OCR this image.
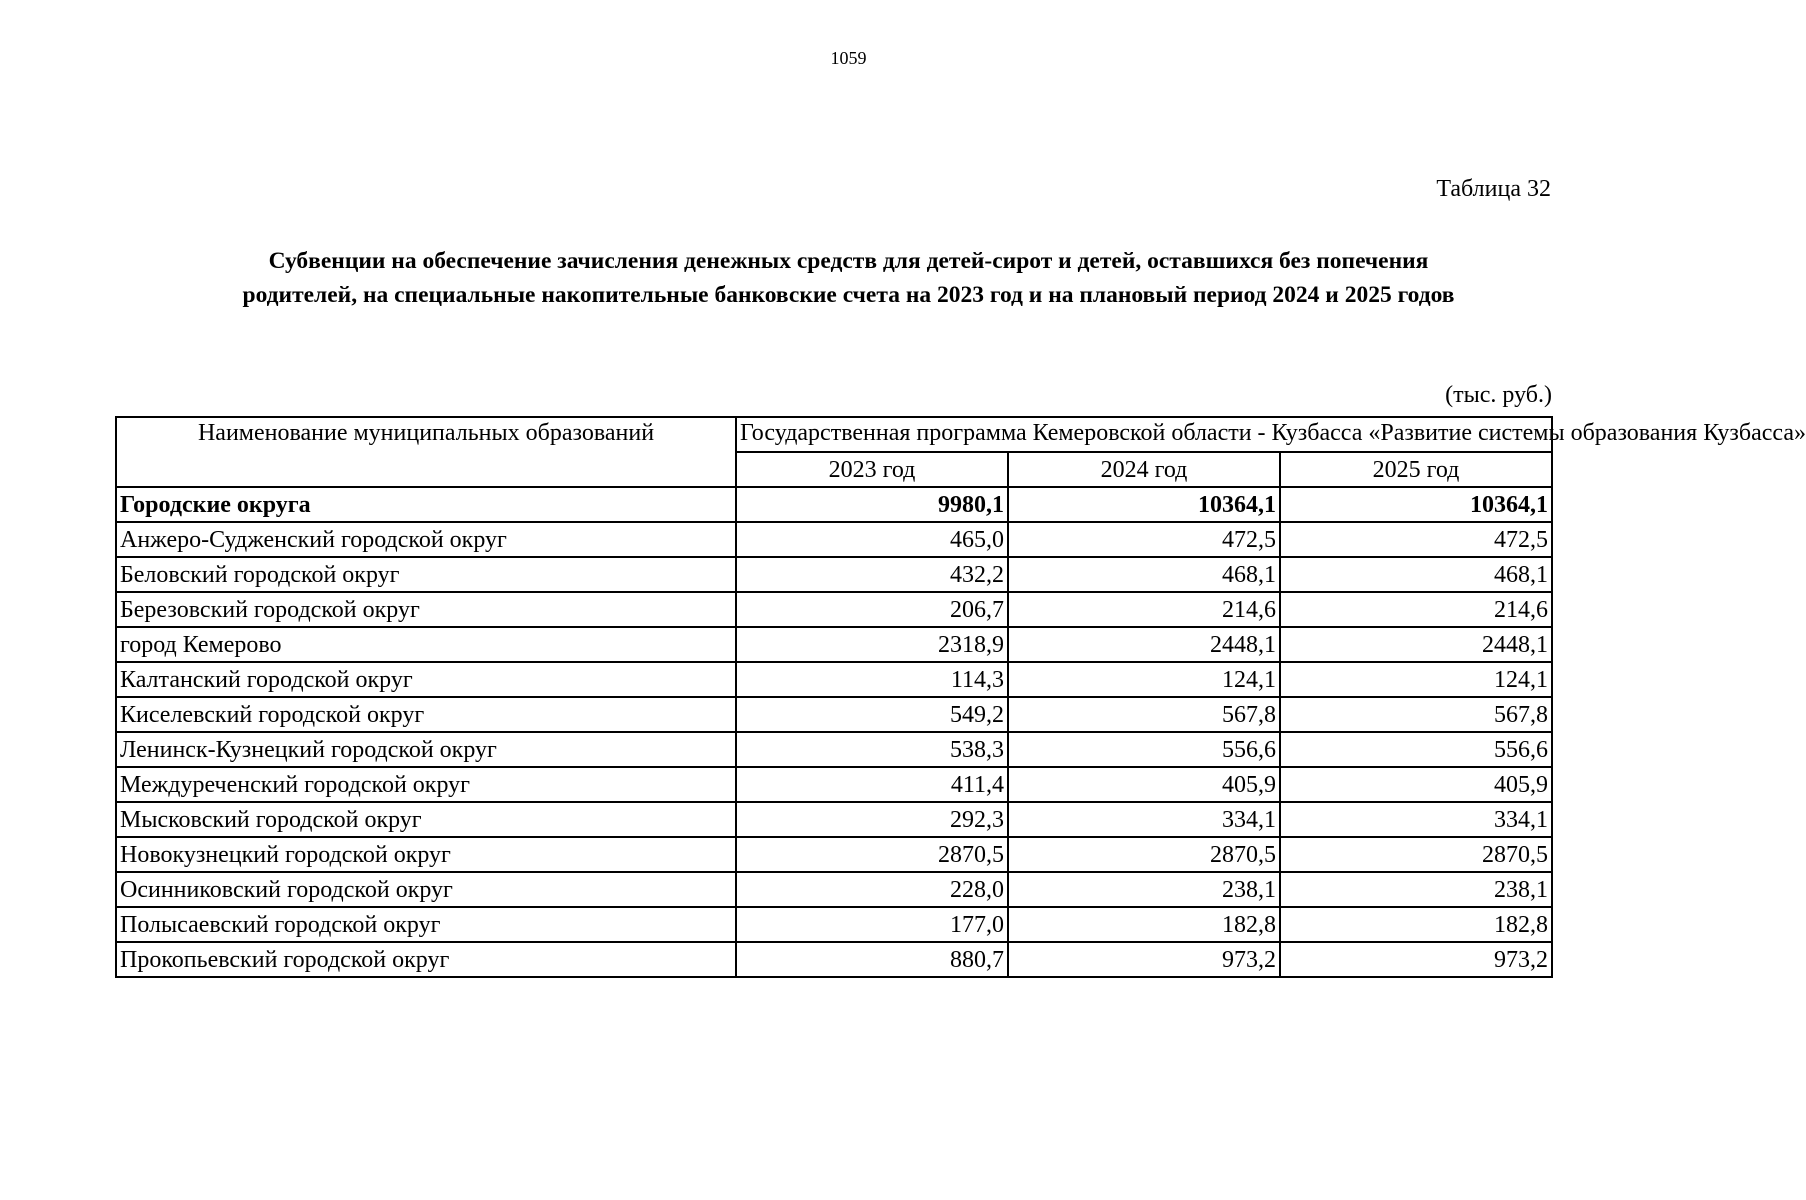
1059
Таблица 32
Субвенции на обеспечение зачисления денежных средств для детей-сирот и детей, оставшихся без попечения
родителей, на специальные накопительные банковские счета на 2023 год и на плановый период 2024 и 2025 годов
(тыс. руб.)
Наименование муниципальных образований	Государственная программа Кемеровской области - Кузбасса «Развитие системы образования Кузбасса»		
	2023 год	2024 год	2025 год
Городские округа	9980,1	10364,1	10364,1
Анжеро-Судженский городской округ	465,0	472,5	472,5
Беловский городской округ	432,2	468,1	468,1
Березовский городской округ	206,7	214,6	214,6
город Кемерово	2318,9	2448,1	2448,1
Калтанский городской округ	114,3	124,1	124,1
Киселевский городской округ	549,2	567,8	567,8
Ленинск-Кузнецкий городской округ	538,3	556,6	556,6
Междуреченский городской округ	411,4	405,9	405,9
Мысковский городской округ	292,3	334,1	334,1
Новокузнецкий городской округ	2870,5	2870,5	2870,5
Осинниковский городской округ	228,0	238,1	238,1
Полысаевский городской округ	177,0	182,8	182,8
Прокопьевский городской округ	880,7	973,2	973,2
